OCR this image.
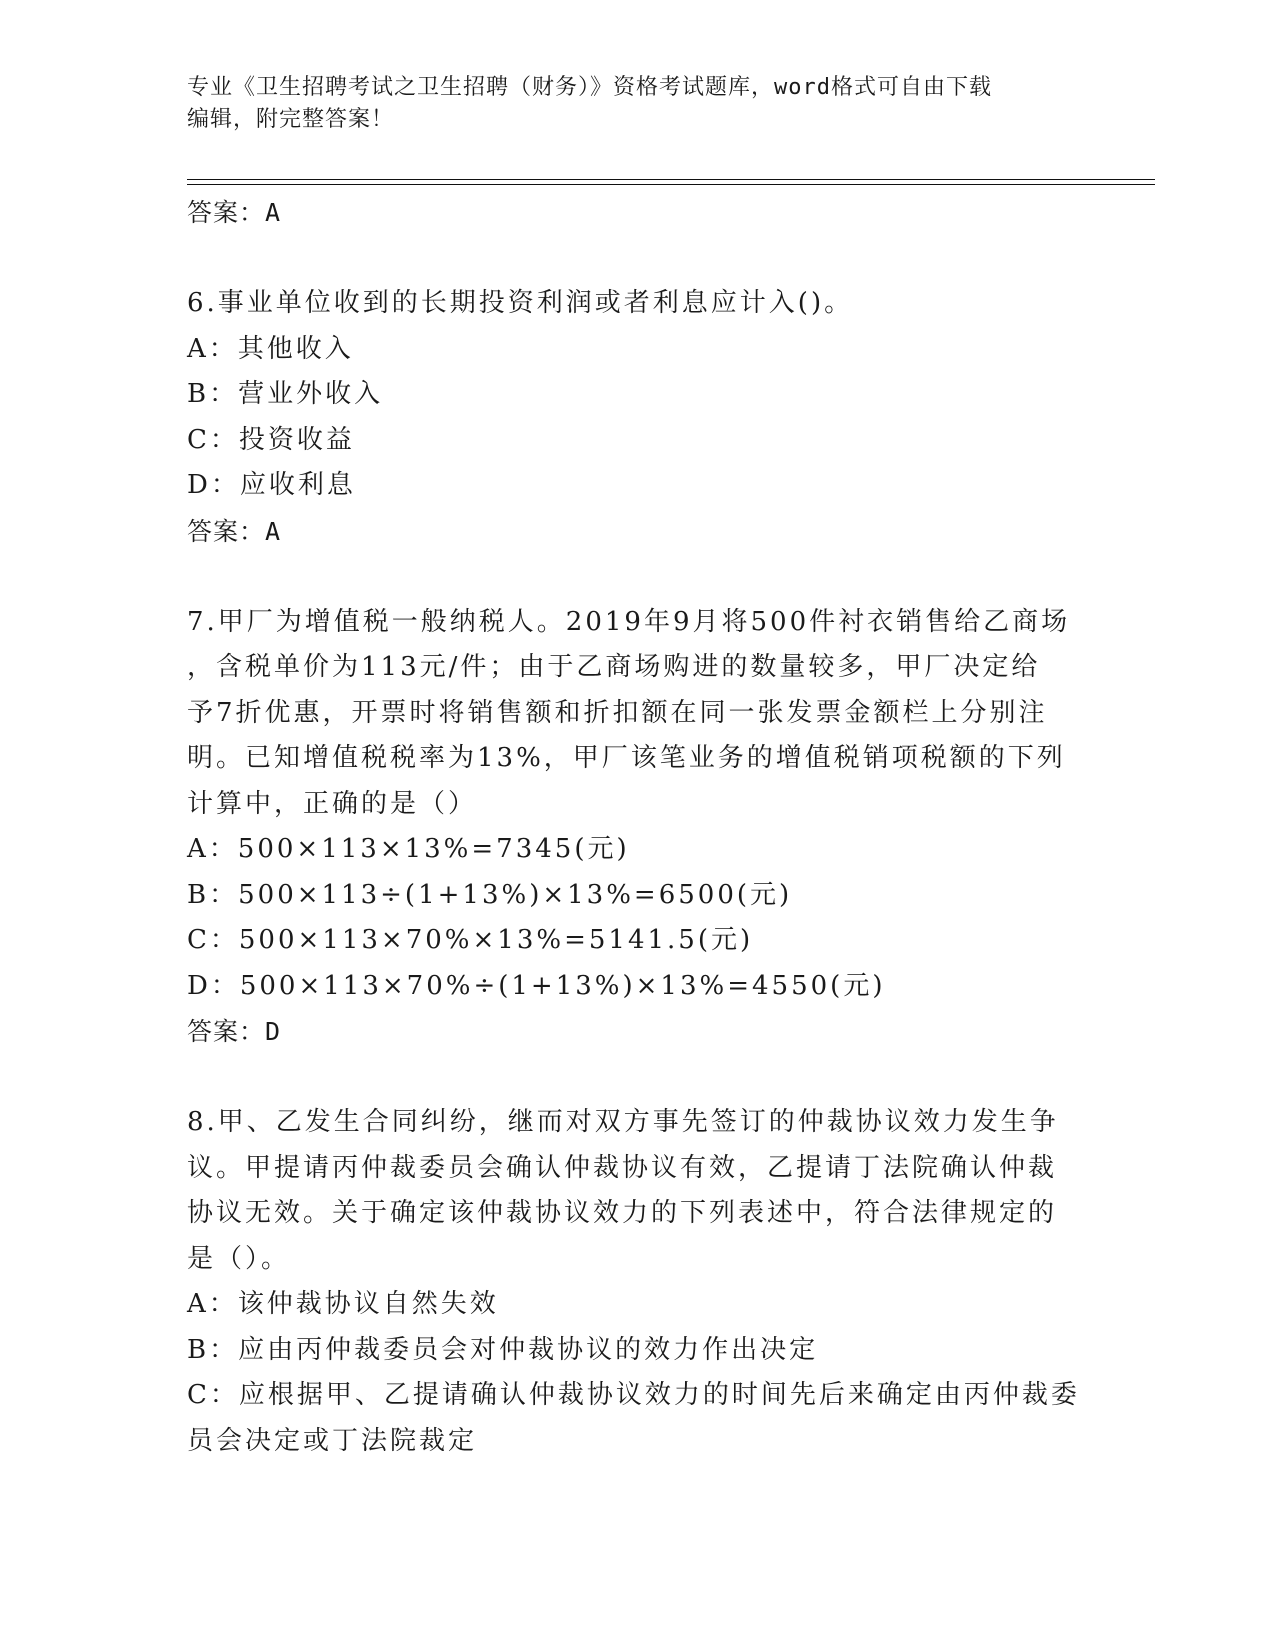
专业《卫生招聘考试之卫生招聘（财务）》资格考试题库，word格式可自由下载
编辑，附完整答案！
答案：A
6.事业单位收到的长期投资利润或者利息应计入()。
A：其他收入
B：营业外收入
C：投资收益
D：应收利息
答案：A
7.甲厂为增值税一般纳税人。2019年9月将500件衬衣销售给乙商场
，含税单价为113元/件；由于乙商场购进的数量较多，甲厂决定给
予7折优惠，开票时将销售额和折扣额在同一张发票金额栏上分别注
明。已知增值税税率为13%，甲厂该笔业务的增值税销项税额的下列
计算中，正确的是（）
A：500×113×13%=7345(元)
B：500×113÷(1+13%)×13%=6500(元)
C：500×113×70%×13%=5141.5(元)
D：500×113×70%÷(1+13%)×13%=4550(元)
答案：D
8.甲、乙发生合同纠纷，继而对双方事先签订的仲裁协议效力发生争
议。甲提请丙仲裁委员会确认仲裁协议有效，乙提请丁法院确认仲裁
协议无效。关于确定该仲裁协议效力的下列表述中，符合法律规定的
是（）。
A：该仲裁协议自然失效
B：应由丙仲裁委员会对仲裁协议的效力作出决定
C：应根据甲、乙提请确认仲裁协议效力的时间先后来确定由丙仲裁委
员会决定或丁法院裁定
